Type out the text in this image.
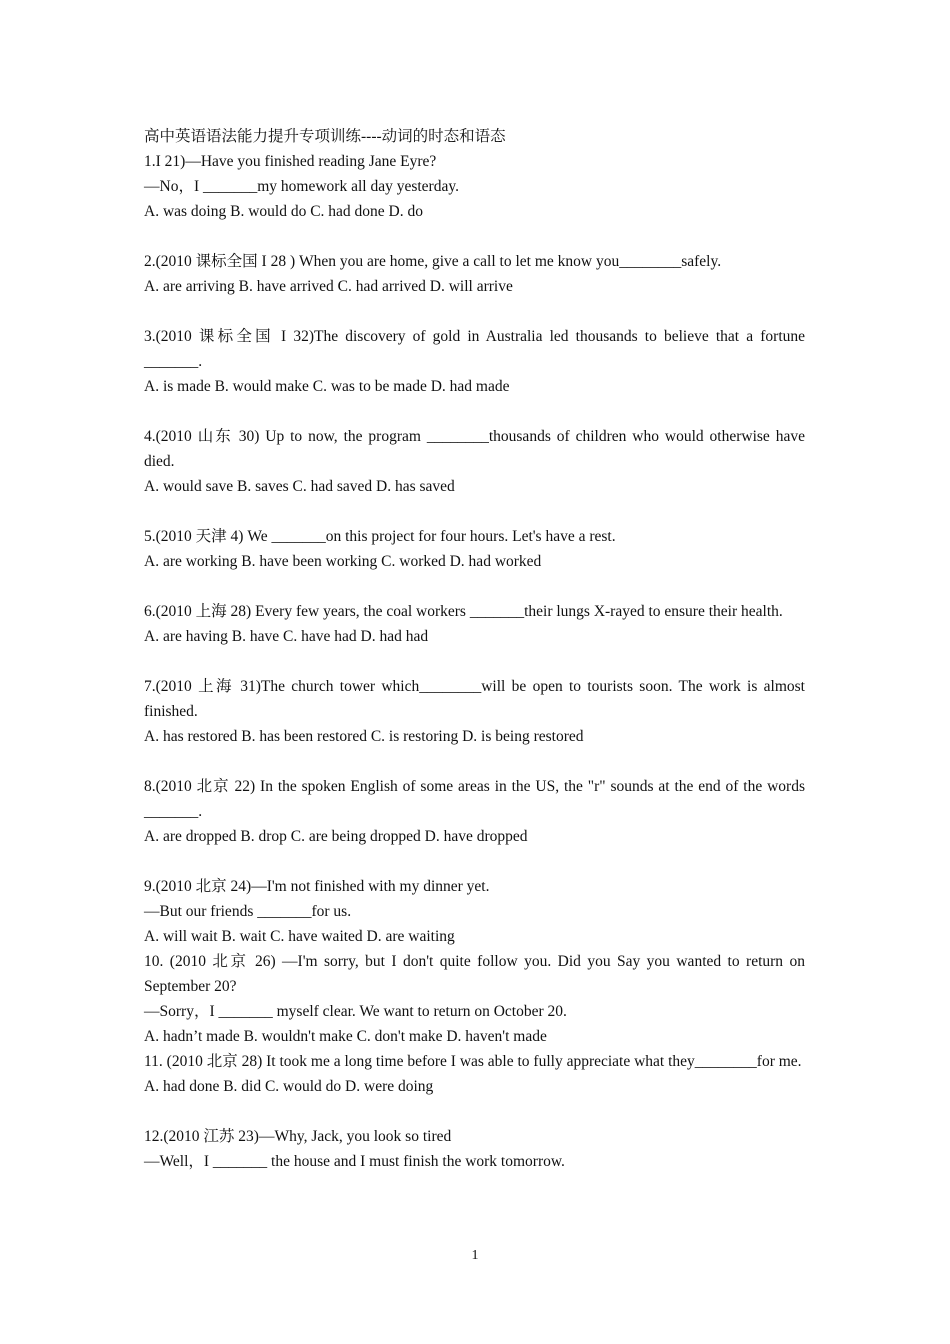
高中英语语法能力提升专项训练----动词的时态和语态
1.I 21)—Have you finished reading Jane Eyre?
—No，I _______my homework all day yesterday.
A. was doing B. would do C. had done D. do
2.(2010 课标全国 I 28 ) When you are home, give a call to let me know you________safely.
A. are arriving B. have arrived C. had arrived D. will arrive
3.(2010 课标全国 I 32)The discovery of gold in Australia led thousands to believe that a fortune _______.
A. is made B. would make C. was to be made D. had made
4.(2010 山东 30) Up to now, the program ________thousands of children who would otherwise have died.
A. would save B. saves C. had saved D. has saved
5.(2010 天津 4) We _______on this project for four hours. Let's have a rest.
A. are working B. have been working C. worked D. had worked
6.(2010 上海 28) Every few years, the coal workers _______their lungs X-rayed to ensure their health.
A. are having B. have C. have had D. had had
7.(2010 上海 31)The church tower which________will be open to tourists soon. The work is almost finished.
A. has restored B. has been restored C. is restoring D. is being restored
8.(2010 北京 22) In the spoken English of some areas in the US, the "r" sounds at the end of the words _______.
A. are dropped B. drop C. are being dropped D. have dropped
9.(2010 北京 24)—I'm not finished with my dinner yet.
—But our friends _______for us.
A. will wait B. wait C. have waited D. are waiting
10. (2010 北京 26) —I'm sorry, but I don't quite follow you. Did you Say you wanted to return on September 20?
—Sorry，I _______ myself clear. We want to return on October 20.
A. hadn’t made B. wouldn't make C. don't make D. haven't made
11. (2010 北京 28) It took me a long time before I was able to fully appreciate what they________for me.
A. had done B. did C. would do D. were doing
12.(2010 江苏 23)—Why, Jack, you look so tired
—Well，I _______ the house and I must finish the work tomorrow.
1
